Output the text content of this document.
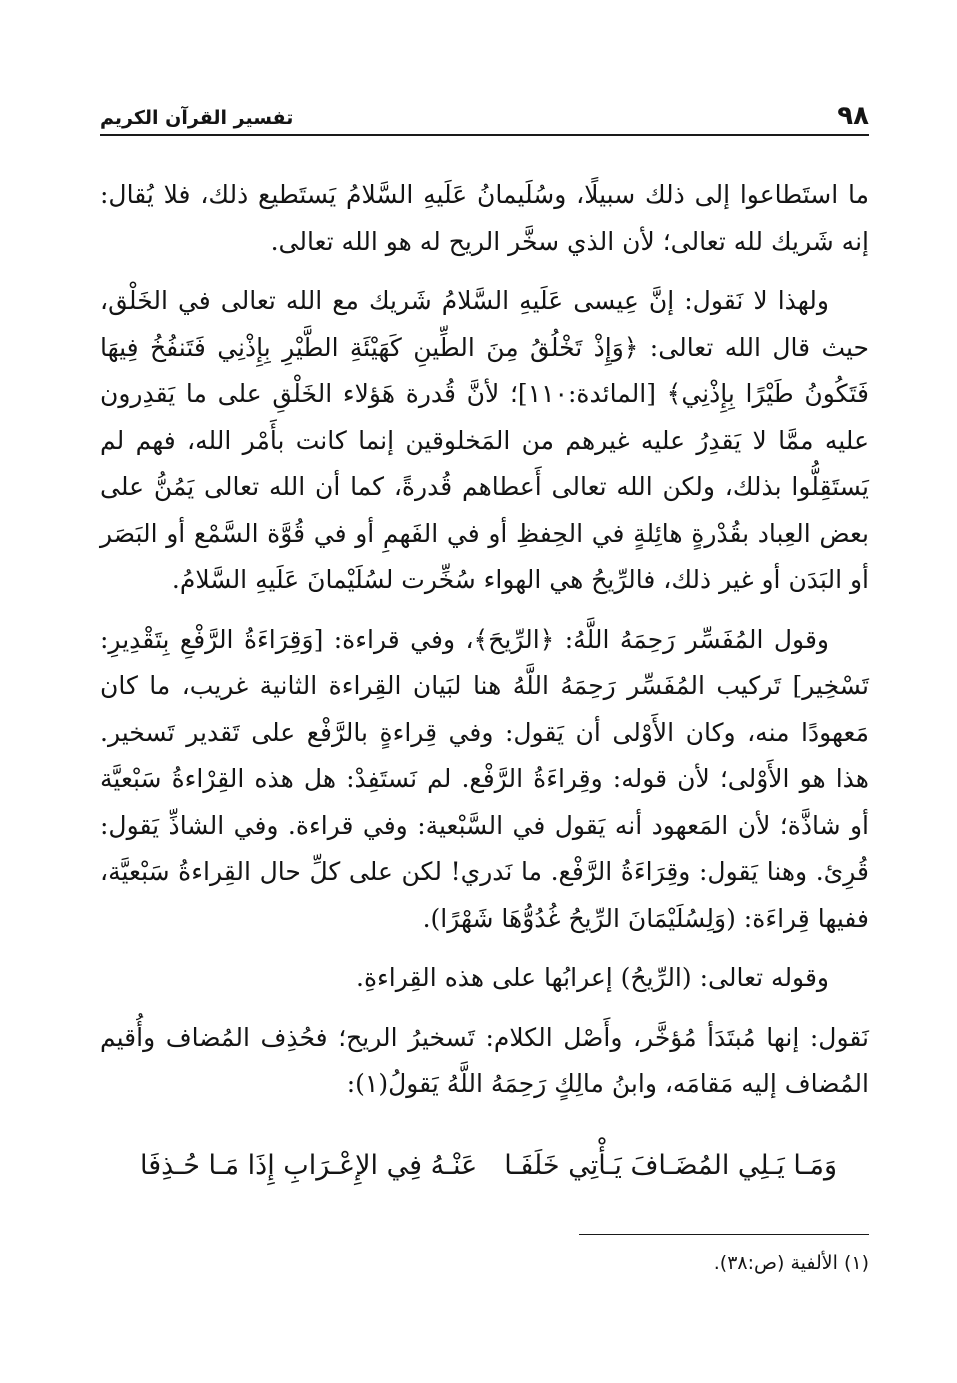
٩٨
تفسير القرآن الكريم

ما استَطاعوا إلى ذلك سبيلًا، وسُلَيمانُ عَلَيهِ السَّلامُ يَستَطيع ذلك، فلا يُقال: إنه شَريك لله تعالى؛ لأن الذي سخَّر الريح له هو الله تعالى.

ولهذا لا نَقول: إنَّ عِيسى عَلَيهِ السَّلامُ شَريك مع الله تعالى في الخَلْق، حيث قال الله تعالى: ﴿وَإِذْ تَخْلُقُ مِنَ الطِّينِ كَهَيْئَةِ الطَّيْرِ بِإِذْنِي فَتَنفُخُ فِيهَا فَتَكُونُ طَيْرًا بِإِذْنِي﴾ [المائدة:١١٠]؛ لأنَّ قُدرة هَؤلاء الخَلْقِ على ما يَقدِرون عليه ممَّا لا يَقدِرُ عليه غيرهم من المَخلوقين إنما كانت بأَمْر الله، فهم لم يَستَقِلُّوا بذلك، ولكن الله تعالى أَعطاهم قُدرةً، كما أن الله تعالى يَمُنُّ على بعض العِباد بقُدْرةٍ هائِلةٍ في الحِفظِ أو في الفَهمِ أو في قُوَّة السَّمْع أو البَصَر أو البَدَن أو غير ذلك، فالرِّيحُ هي الهواء سُخِّرت لسُلَيْمانَ عَلَيهِ السَّلامُ.

وقول المُفَسِّر رَحِمَهُ اللَّهُ: ﴿الرِّيحَ﴾، وفي قراءة: [وَقِرَاءَةُ الرَّفْعِ بِتَقْدِيرِ: تَسْخِير] تَركيب المُفَسِّر رَحِمَهُ اللَّهُ هنا لبَيان القِراءة الثانية غريب، ما كان مَعهودًا منه، وكان الأَوْلى أن يَقول: وفي قِراءةٍ بالرَّفْع على تَقدير تَسخير. هذا هو الأَوْلى؛ لأن قوله: وقِراءَةُ الرَّفْع. لم نَستَفِدْ: هل هذه القِرْاءةُ سَبْعيَّة أو شاذَّة؛ لأن المَعهود أنه يَقول في السَّبْعية: وفي قراءة. وفي الشاذِّ يَقول: قُرِئ. وهنا يَقول: وقِرَاءَةُ الرَّفْع. ما نَدري! لكن على كلِّ حال القِراءةُ سَبْعيَّة، ففيها قِراءَة: (وَلِسُلَيْمَانَ الرِّيحُ غُدُوُّهَا شَهْرًا).

وقوله تعالى: (الرِّيحُ) إعرابُها على هذه القِراءةِ.

نَقول: إنها مُبتَدَأ مُؤخَّر، وأَصْل الكلام: تَسخيرُ الريح؛ فحُذِف المُضاف وأُقيم المُضاف إليه مَقامَه، وابنُ مالِكٍ رَحِمَهُ اللَّهُ يَقولُ(١):

وَمَـا يَـلِي المُضَـافَ يَـأْتِي خَلَفَـا
عَنْـهُ فِي الإِعْـرَابِ إِذَا مَـا حُـذِفَا
(١) الألفية (ص:٣٨).
